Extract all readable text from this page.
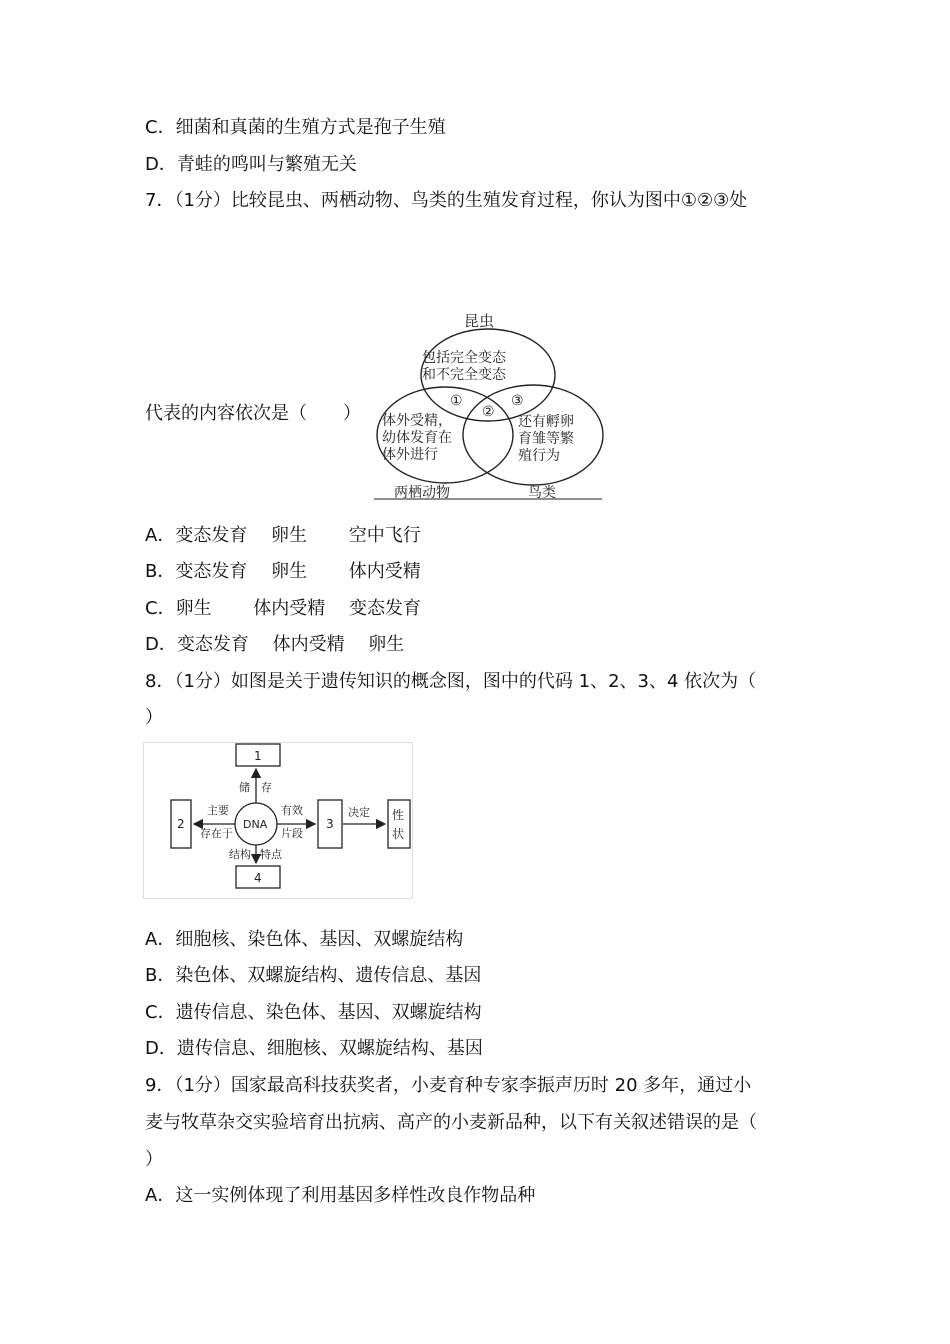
C．细菌和真菌的生殖方式是孢子生殖
D．青蛙的鸣叫与繁殖无关
7．（1分）比较昆虫、两栖动物、鸟类的生殖发育过程，你认为图中①②③处
代表的内容依次是（　　）
昆虫
包括完全变态
和不完全变态
①
②
③
体外受精，
幼体发育在
体外进行
还有孵卵
育雏等繁
殖行为
两栖动物	鸟类
A．变态发育　 卵生　　 空中飞行
B．变态发育　 卵生　　 体内受精
C．卵生　　 体内受精　 变态发育
D．变态发育　 体内受精　 卵生
8．（1分）如图是关于遗传知识的概念图，图中的代码 1、2、3、4 依次为（
）
1
2	3
性
状
4
DNA
储 存
主要
存在于
有效
片段
决定
结构 特点
A．细胞核、染色体、基因、双螺旋结构
B．染色体、双螺旋结构、遗传信息、基因
C．遗传信息、染色体、基因、双螺旋结构
D．遗传信息、细胞核、双螺旋结构、基因
9．（1分）国家最高科技获奖者，小麦育种专家李振声历时 20 多年，通过小
麦与牧草杂交实验培育出抗病、高产的小麦新品种，以下有关叙述错误的是（
）
A．这一实例体现了利用基因多样性改良作物品种
